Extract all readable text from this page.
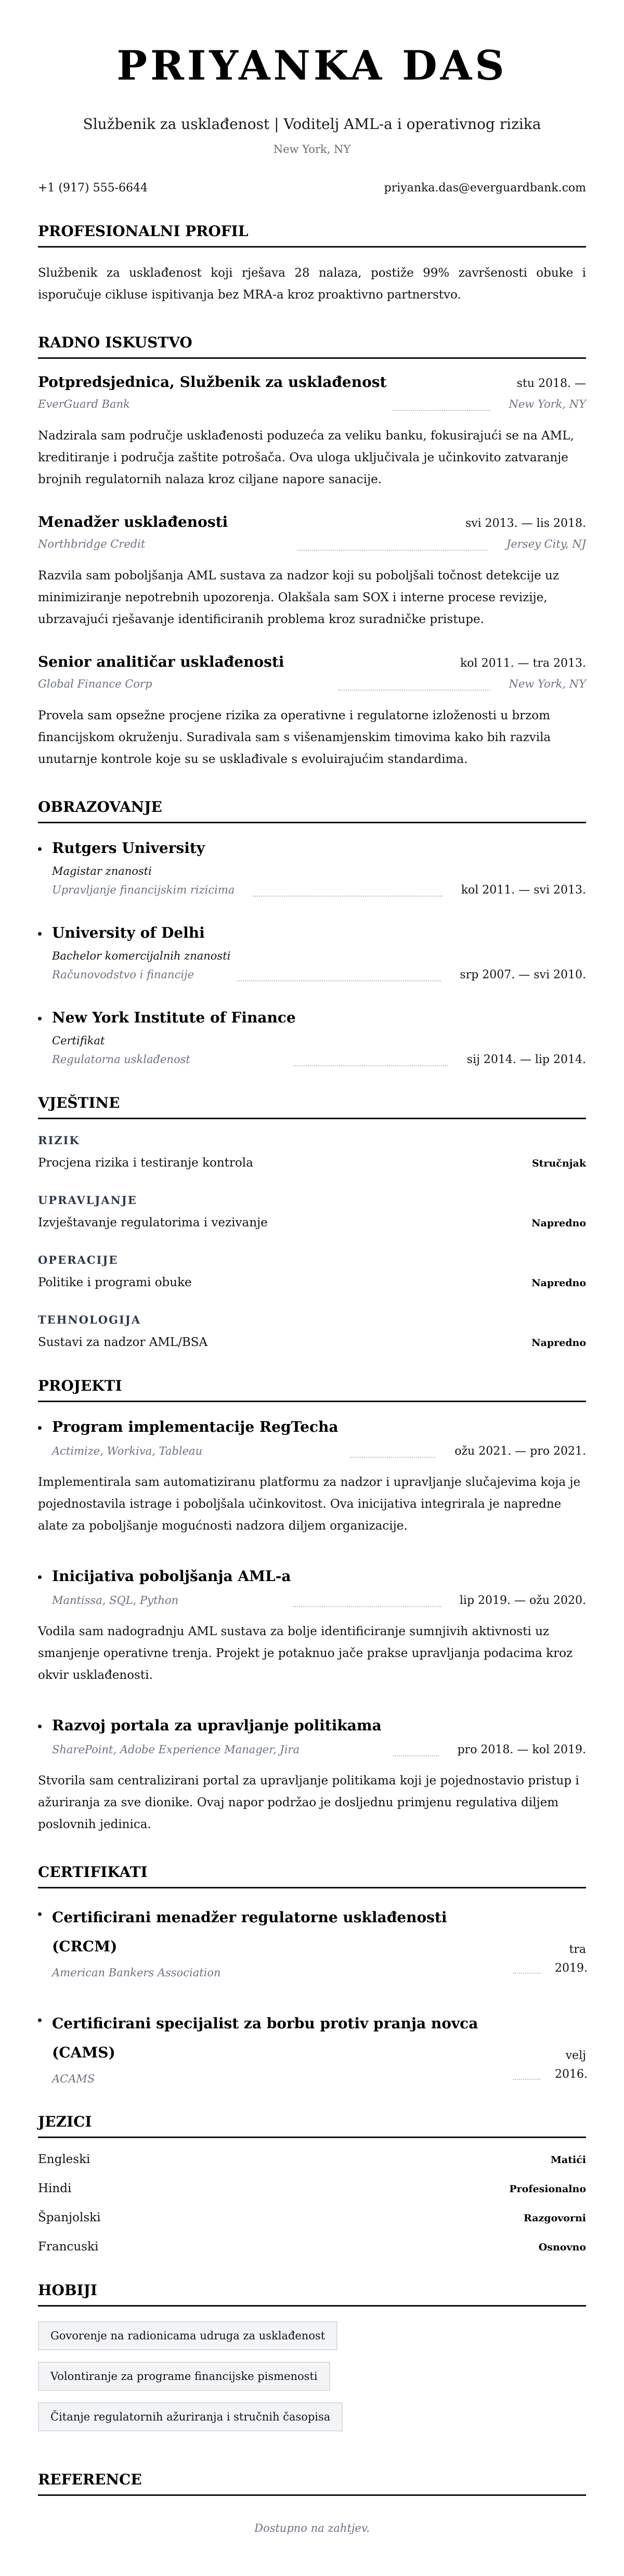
PRIYANKA DAS
Službenik za usklađenost | Voditelj AML-a i operativnog rizika
New York, NY
+1 (917) 555-6644	priyanka.das@everguardbank.com
PROFESIONALNI PROFIL

Službenik za usklađenost koji rješava 28 nalaza, postiže 99% završenosti obuke i isporučuje cikluse ispitivanja bez MRA-a kroz proaktivno partnerstvo.

RADNO ISKUSTVO
Potpredsjednica, Službenik za usklađenost	stu 2018. —
EverGuard Bank	New York, NY

Nadzirala sam područje usklađenosti poduzeća za veliku banku, fokusirajući se na AML, kreditiranje i područja zaštite potrošača. Ova uloga uključivala je učinkovito zatvaranje brojnih regulatornih nalaza kroz ciljane napore sanacije.

Menadžer usklađenosti	svi 2013. — lis 2018.
Northbridge Credit	Jersey City, NJ

Razvila sam poboljšanja AML sustava za nadzor koji su poboljšali točnost detekcije uz minimiziranje nepotrebnih upozorenja. Olakšala sam SOX i interne procese revizije, ubrzavajući rješavanje identificiranih problema kroz suradničke pristupe.

Senior analitičar usklađenosti	kol 2011. — tra 2013.
Global Finance Corp	New York, NY

Provela sam opsežne procjene rizika za operativne i regulatorne izloženosti u brzom financijskom okruženju. Suradivala sam s višenamjenskim timovima kako bih razvila unutarnje kontrole koje su se usklađivale s evoluirajućim standardima.

OBRAZOVANJE
Rutgers University
Magistar znanosti
Upravljanje financijskim rizicima	kol 2011. — svi 2013.
University of Delhi
Bachelor komercijalnih znanosti
Računovodstvo i financije	srp 2007. — svi 2010.
New York Institute of Finance
Certifikat
Regulatorna usklađenost	sij 2014. — lip 2014.
VJEŠTINE
RIZIK
Procjena rizika i testiranje kontrola	Stručnjak
UPRAVLJANJE
Izvještavanje regulatorima i vezivanje	Napredno
OPERACIJE
Politike i programi obuke	Napredno
TEHNOLOGIJA
Sustavi za nadzor AML/BSA	Napredno
PROJEKTI
Program implementacije RegTecha
Actimize, Workiva, Tableau	ožu 2021. — pro 2021.

Implementirala sam automatiziranu platformu za nadzor i upravljanje slučajevima koja je pojednostavila istrage i poboljšala učinkovitost. Ova inicijativa integrirala je napredne alate za poboljšanje mogućnosti nadzora diljem organizacije.

Inicijativa poboljšanja AML-a
Mantissa, SQL, Python	lip 2019. — ožu 2020.

Vodila sam nadogradnju AML sustava za bolje identificiranje sumnjivih aktivnosti uz smanjenje operativne trenja. Projekt je potaknuo jače prakse upravljanja podacima kroz okvir usklađenosti.

Razvoj portala za upravljanje politikama
SharePoint, Adobe Experience Manager, Jira	pro 2018. — kol 2019.

Stvorila sam centralizirani portal za upravljanje politikama koji je pojednostavio pristup i ažuriranja za sve dionike. Ovaj napor podržao je dosljednu primjenu regulativa diljem poslovnih jedinica.

CERTIFIKATI
Certificirani menadžer regulatorne usklađenosti (CRCM)
American Bankers Association
tra 2019.
Certificirani specijalist za borbu protiv pranja novca (CAMS)
ACAMS
velj 2016.
JEZICI
Engleski	Matići
Hindi	Profesionalno
Španjolski	Razgovorni
Francuski	Osnovno
HOBIJI
Govorenje na radionicama udruga za usklađenost
Volontiranje za programe financijske pismenosti
Čitanje regulatornih ažuriranja i stručnih časopisa
REFERENCE

Dostupno na zahtjev.
